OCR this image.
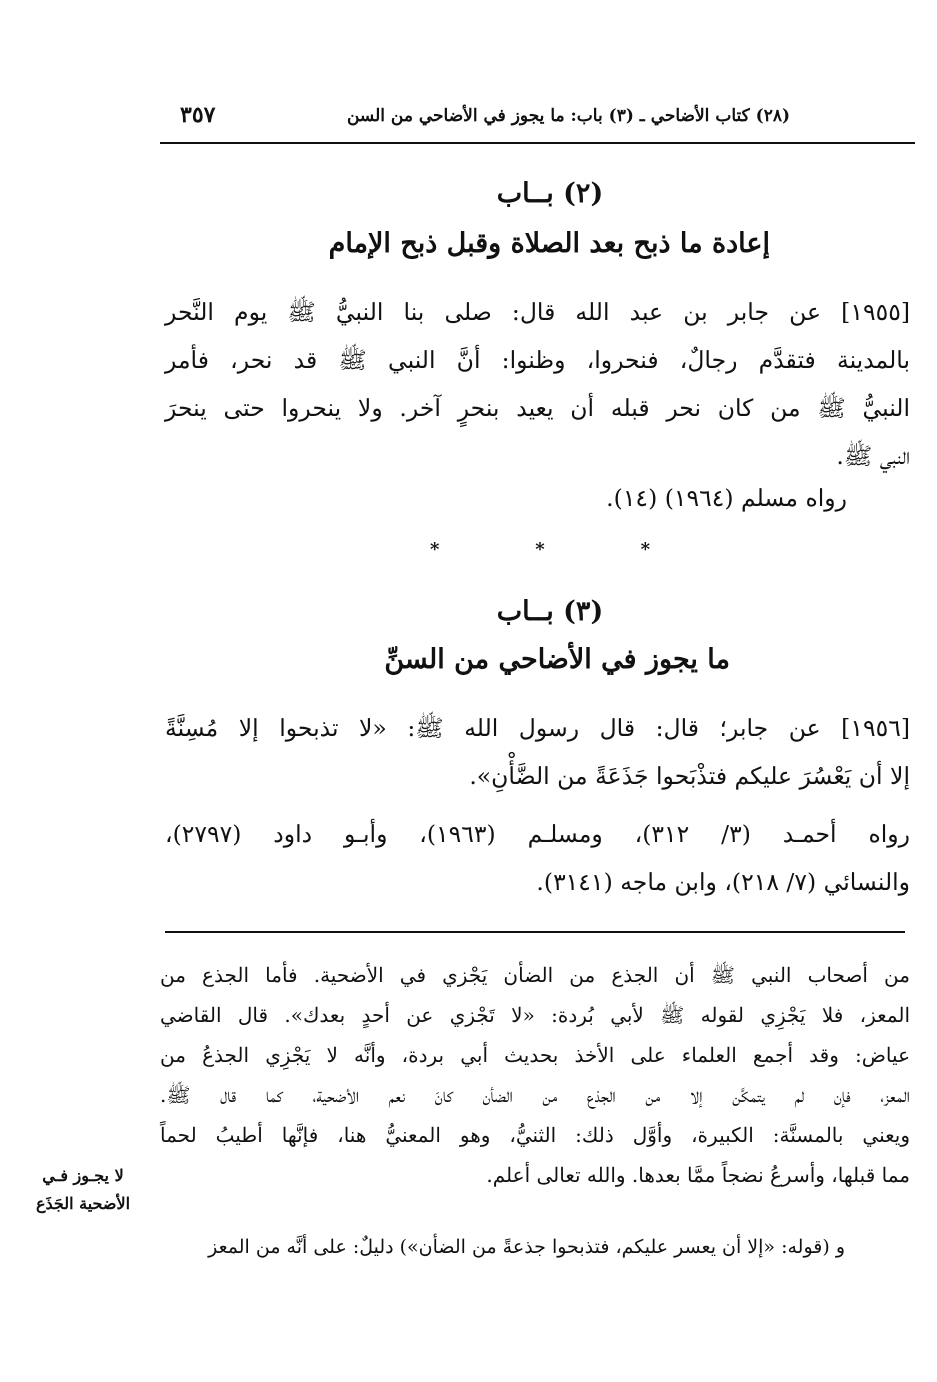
٣٥٧	(٢٨) كتاب الأضاحي ـ (٣) باب: ما يجوز في الأضاحي من السن
(٢) بــاب
إعادة ما ذبح بعد الصلاة وقبل ذبح الإمام
[١٩٥٥] عن جابر بن عبد الله قال: صلى بنا النبيُّ ﷺ يوم النَّحر
بالمدينة فتقدَّم رجالٌ، فنحروا، وظنوا: أنَّ النبي ﷺ قد نحر، فأمر
النبيُّ ﷺ من كان نحر قبله أن يعيد بنحرٍ آخر. ولا ينحروا حتى ينحرَ
النبي ﷺ.
رواه مسلم (١٩٦٤) (١٤).
*
*
*
(٣) بــاب
ما يجوز في الأضاحي من السنِّ
[١٩٥٦] عن جابر؛ قال: قال رسول الله ﷺ: «لا تذبحوا إلا مُسِنَّةً
إلا أن يَعْسُرَ عليكم فتذْبَحوا جَذَعَةً من الضَّأْنِ».
رواه أحمـد (٣/ ٣١٢)، ومسلـم (١٩٦٣)، وأبـو داود (٢٧٩٧)،
والنسائي (٧/ ٢١٨)، وابن ماجه (٣١٤١).
من أصحاب النبي ﷺ أن الجذع من الضأن يَجْزي في الأضحية. فأما الجذع من
المعز، فلا يَجْزِي لقوله ﷺ لأبي بُردة: «لا تَجْزي عن أحدٍ بعدك». قال القاضي
عياض: وقد أجمع العلماء على الأخذ بحديث أبي بردة، وأنَّه لا يَجْزِي الجذعُ من
المعز، فإن لم يتمكَّن إلا من الجذع من الضأن كانَ نعم الأضحية، كما قال ﷺ.
ويعني بالمسنَّة: الكبيرة، وأوَّل ذلك: الثنيُّ، وهو المعنيُّ هنا، فإنَّها أطيبُ لحماً
مما قبلها، وأسرعُ نضجاً ممَّا بعدها. والله تعالى أعلم.
و (قوله: «إلا أن يعسر عليكم، فتذبحوا جذعةً من الضأن») دليلٌ: على أنَّه من المعز
لا يجـوز فـي
الأضحية الجَذَع
